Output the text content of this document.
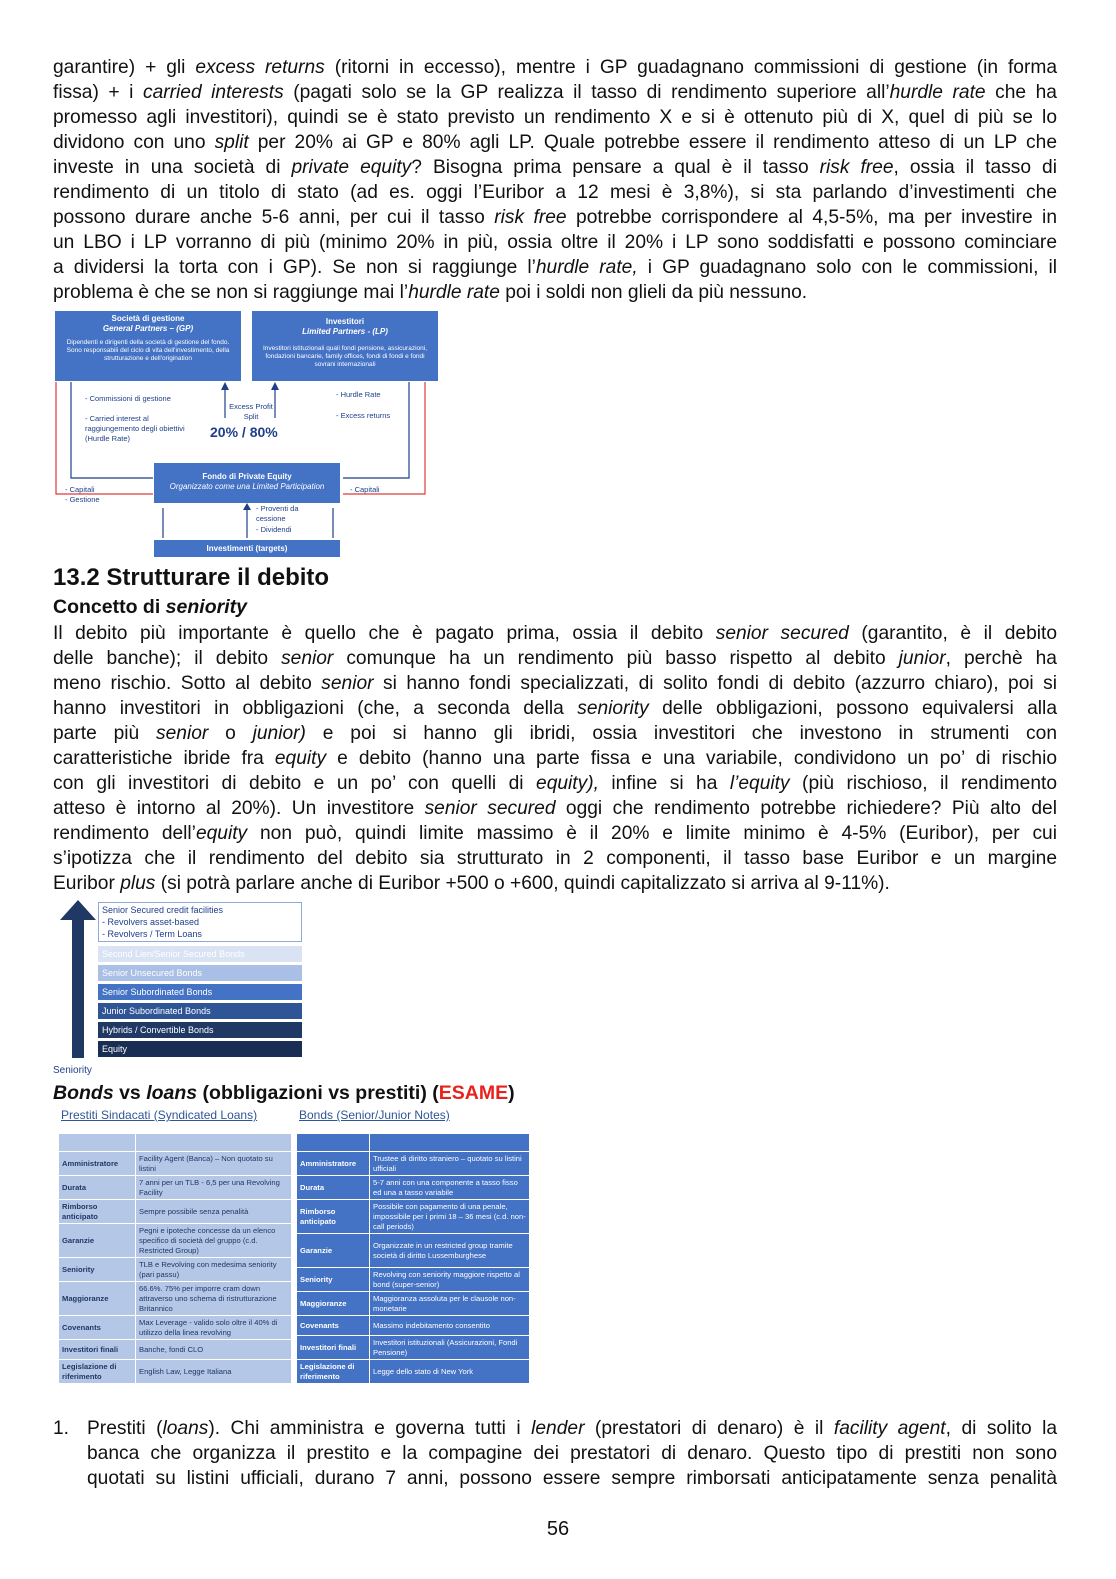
garantire) + gli excess returns (ritorni in eccesso), mentre i GP guadagnano commissioni di gestione (in forma
fissa) + i carried interests (pagati solo se la GP realizza il tasso di rendimento superiore all’hurdle rate che ha
promesso agli investitori), quindi se è stato previsto un rendimento X e si è ottenuto più di X, quel di più se lo
dividono con uno split per 20% ai GP e 80% agli LP. Quale potrebbe essere il rendimento atteso di un LP che
investe in una società di private equity? Bisogna prima pensare a qual è il tasso risk free, ossia il tasso di
rendimento di un titolo di stato (ad es. oggi l’Euribor a 12 mesi è 3,8%), si sta parlando d’investimenti che
possono durare anche 5-6 anni, per cui il tasso risk free potrebbe corrispondere al 4,5-5%, ma per investire in
un LBO i LP vorranno di più (minimo 20% in più, ossia oltre il 20% i LP sono soddisfatti e possono cominciare
a dividersi la torta con i GP). Se non si raggiunge l’hurdle rate, i GP guadagnano solo con le commissioni, il
problema è che se non si raggiunge mai l’hurdle rate poi i soldi non glieli da più nessuno.
Società di gestione
General Partners – (GP)
Dipendenti e dirigenti della società di gestione del fondo. Sono responsabili del ciclo di vita dell'investimento, della strutturazione e dell'origination
Investitori
Limited Partners - (LP)
Investitori istituzionali quali fondi pensione, assicurazioni, fondazioni bancarie, family offices, fondi di fondi e fondi sovrani internazionali
- Commissioni di gestione
- Carried interest al raggiungemento degli obiettivi (Hurdle Rate)
Excess Profit Split
20% / 80%
- Hurdle Rate
- Excess returns
Fondo di Private Equity
Organizzato come una Limited Participation
- Capitali
- Gestione
- Capitali
- Proventi da cessione
- Dividendi
Investimenti (targets)
13.2 Strutturare il debito
Concetto di seniority
Il debito più importante è quello che è pagato prima, ossia il debito senior secured (garantito, è il debito
delle banche); il debito senior comunque ha un rendimento più basso rispetto al debito junior, perchè ha
meno rischio. Sotto al debito senior si hanno fondi specializzati, di solito fondi di debito (azzurro chiaro), poi si
hanno investitori in obbligazioni (che, a seconda della seniority delle obbligazioni, possono equivalersi alla
parte più senior o junior) e poi si hanno gli ibridi, ossia investitori che investono in strumenti con
caratteristiche ibride fra equity e debito (hanno una parte fissa e una variabile, condividono un po’ di rischio
con gli investitori di debito e un po’ con quelli di equity), infine si ha l’equity (più rischioso, il rendimento
atteso è intorno al 20%). Un investitore senior secured oggi che rendimento potrebbe richiedere? Più alto del
rendimento dell’equity non può, quindi limite massimo è il 20% e limite minimo è 4-5% (Euribor), per cui
s’ipotizza che il rendimento del debito sia strutturato in 2 componenti, il tasso base Euribor e un margine
Euribor plus (si potrà parlare anche di Euribor +500 o +600, quindi capitalizzato si arriva al 9-11%).
Senior Secured credit facilities
- Revolvers asset-based
- Revolvers / Term Loans
Second Lien/Senior Secured Bonds
Senior Unsecured Bonds
Senior Subordinated Bonds
Junior Subordinated Bonds
Hybrids / Convertible Bonds
Equity
Seniority
Bonds vs loans (obbligazioni vs prestiti) (ESAME)
Prestiti Sindacati (Syndicated Loans)

Amministratore	Facility Agent (Banca) – Non quotato su listini
Durata	7 anni per un TLB - 6,5 per una Revolving Facility
Rimborso anticipato	Sempre possibile senza penalità
Garanzie	Pegni e ipoteche concesse da un elenco specifico di società del gruppo (c.d. Restricted Group)
Seniority	TLB e Revolving con medesima seniority (pari passu)
Maggioranze	66.6%. 75% per imporre cram down attraverso uno schema di ristrutturazione Britannico
Covenants	Max Leverage - valido solo oltre il 40% di utilizzo della linea revolving
Investitori finali	Banche, fondi CLO
Legislazione di riferimento	English Law, Legge Italiana
Bonds (Senior/Junior Notes)

Amministratore	Trustee di diritto straniero – quotato su listini ufficiali
Durata	5-7 anni con una componente a tasso fisso ed una a tasso variabile
Rimborso anticipato	Possibile con pagamento di una penale, impossibile per i primi 18 – 36 mesi (c.d. non-call periods)
Garanzie	Organizzate in un restricted group tramite società di diritto Lussemburghese
Seniority	Revolving con seniority maggiore rispetto al bond (super-senior)
Maggioranze	Maggioranza assoluta per le clausole non-monetarie
Covenants	Massimo indebitamento consentito
Investitori finali	Investitori istituzionali (Assicurazioni, Fondi Pensione)
Legislazione di riferimento	Legge dello stato di New York
1. Prestiti (loans). Chi amministra e governa tutti i lender (prestatori di denaro) è il facility agent, di solito la
banca che organizza il prestito e la compagine dei prestatori di denaro. Questo tipo di prestiti non sono
quotati su listini ufficiali, durano 7 anni, possono essere sempre rimborsati anticipatamente senza penalità
56
